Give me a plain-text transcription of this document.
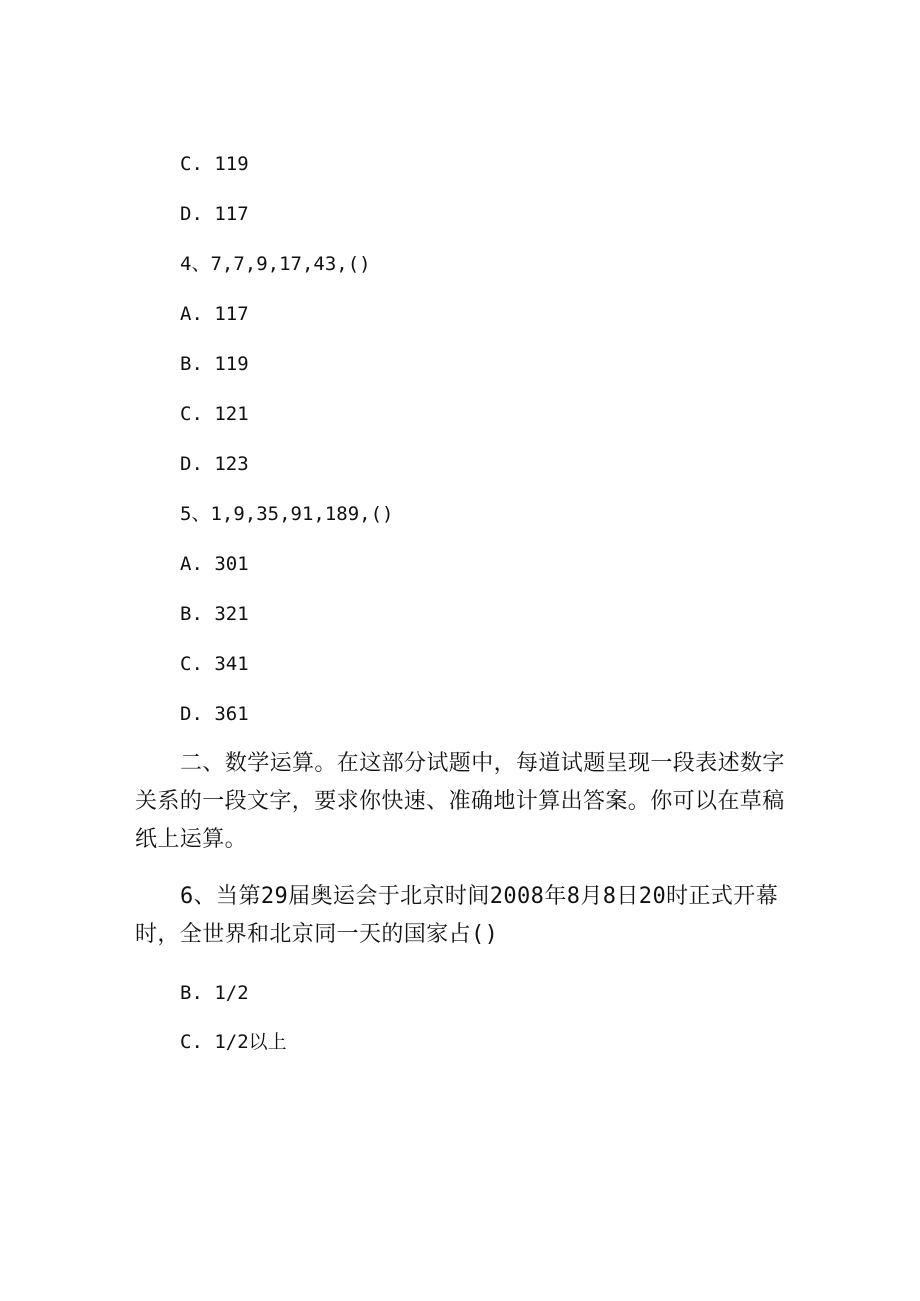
C. 119
D. 117
4、7,7,9,17,43,()
A. 117
B. 119
C. 121
D. 123
5、1,9,35,91,189,()
A. 301
B. 321
C. 341
D. 361
二、数学运算。在这部分试题中，每道试题呈现一段表述数字关系的一段文字，要求你快速、准确地计算出答案。你可以在草稿纸上运算。
6、当第29届奥运会于北京时间2008年8月8日20时正式开幕时，全世界和北京同一天的国家占()
B. 1/2
C. 1/2以上
